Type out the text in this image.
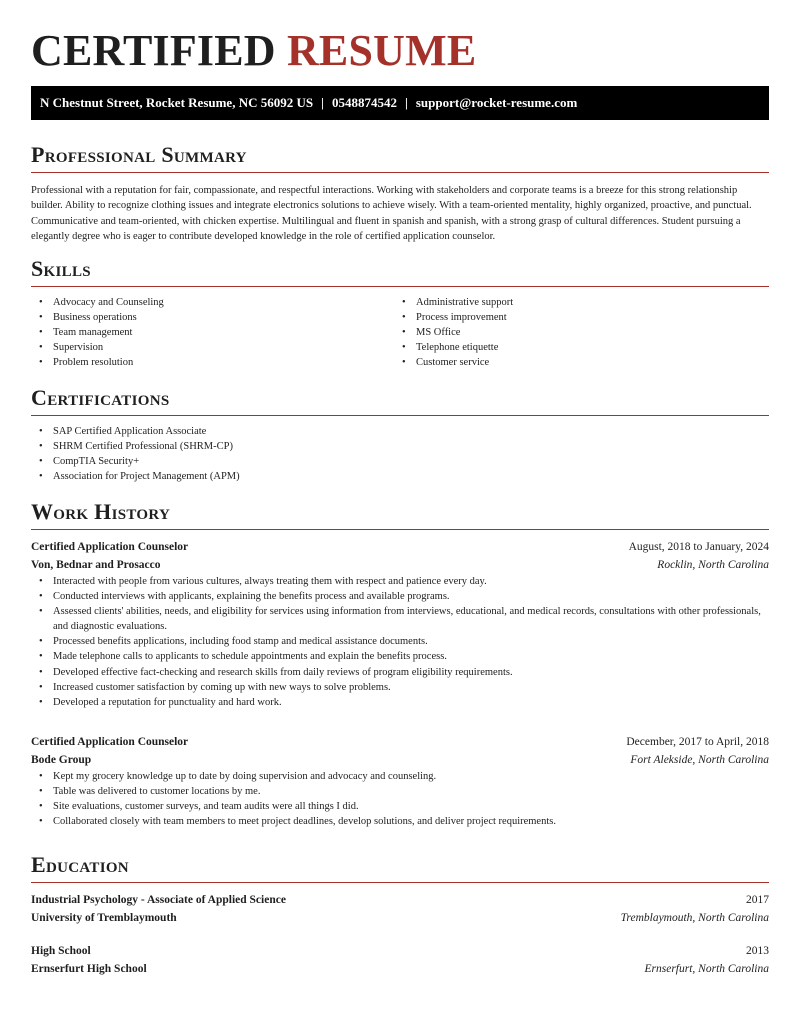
CERTIFIED RESUME
N Chestnut Street, Rocket Resume, NC 56092 US | 0548874542 | support@rocket-resume.com
Professional Summary

Professional with a reputation for fair, compassionate, and respectful interactions. Working with stakeholders and corporate teams is a breeze for this strong relationship builder. Ability to recognize clothing issues and integrate electronics solutions to achieve wisely. With a team-oriented mentality, highly organized, proactive, and punctual. Communicative and team-oriented, with chicken expertise. Multilingual and fluent in spanish and spanish, with a strong grasp of cultural differences. Student pursuing a elegantly degree who is eager to contribute developed knowledge in the role of certified application counselor.

Skills
• Advocacy and Counseling
• Business operations
• Team management
• Supervision
• Problem resolution
• Administrative support
• Process improvement
• MS Office
• Telephone etiquette
• Customer service
Certifications
• SAP Certified Application Associate
• SHRM Certified Professional (SHRM-CP)
• CompTIA Security+
• Association for Project Management (APM)
Work History
Certified Application Counselor	August, 2018 to January, 2024
Von, Bednar and Prosacco	Rocklin, North Carolina
• Interacted with people from various cultures, always treating them with respect and patience every day.
• Conducted interviews with applicants, explaining the benefits process and available programs.
• Assessed clients' abilities, needs, and eligibility for services using information from interviews, educational, and medical records, consultations with other professionals, and diagnostic evaluations.
• Processed benefits applications, including food stamp and medical assistance documents.
• Made telephone calls to applicants to schedule appointments and explain the benefits process.
• Developed effective fact-checking and research skills from daily reviews of program eligibility requirements.
• Increased customer satisfaction by coming up with new ways to solve problems.
• Developed a reputation for punctuality and hard work.
Certified Application Counselor	December, 2017 to April, 2018
Bode Group	Fort Alekside, North Carolina
• Kept my grocery knowledge up to date by doing supervision and advocacy and counseling.
• Table was delivered to customer locations by me.
• Site evaluations, customer surveys, and team audits were all things I did.
• Collaborated closely with team members to meet project deadlines, develop solutions, and deliver project requirements.
Education
Industrial Psychology - Associate of Applied Science	2017
University of Tremblaymouth	Tremblaymouth, North Carolina
High School	2013
Ernserfurt High School	Ernserfurt, North Carolina
